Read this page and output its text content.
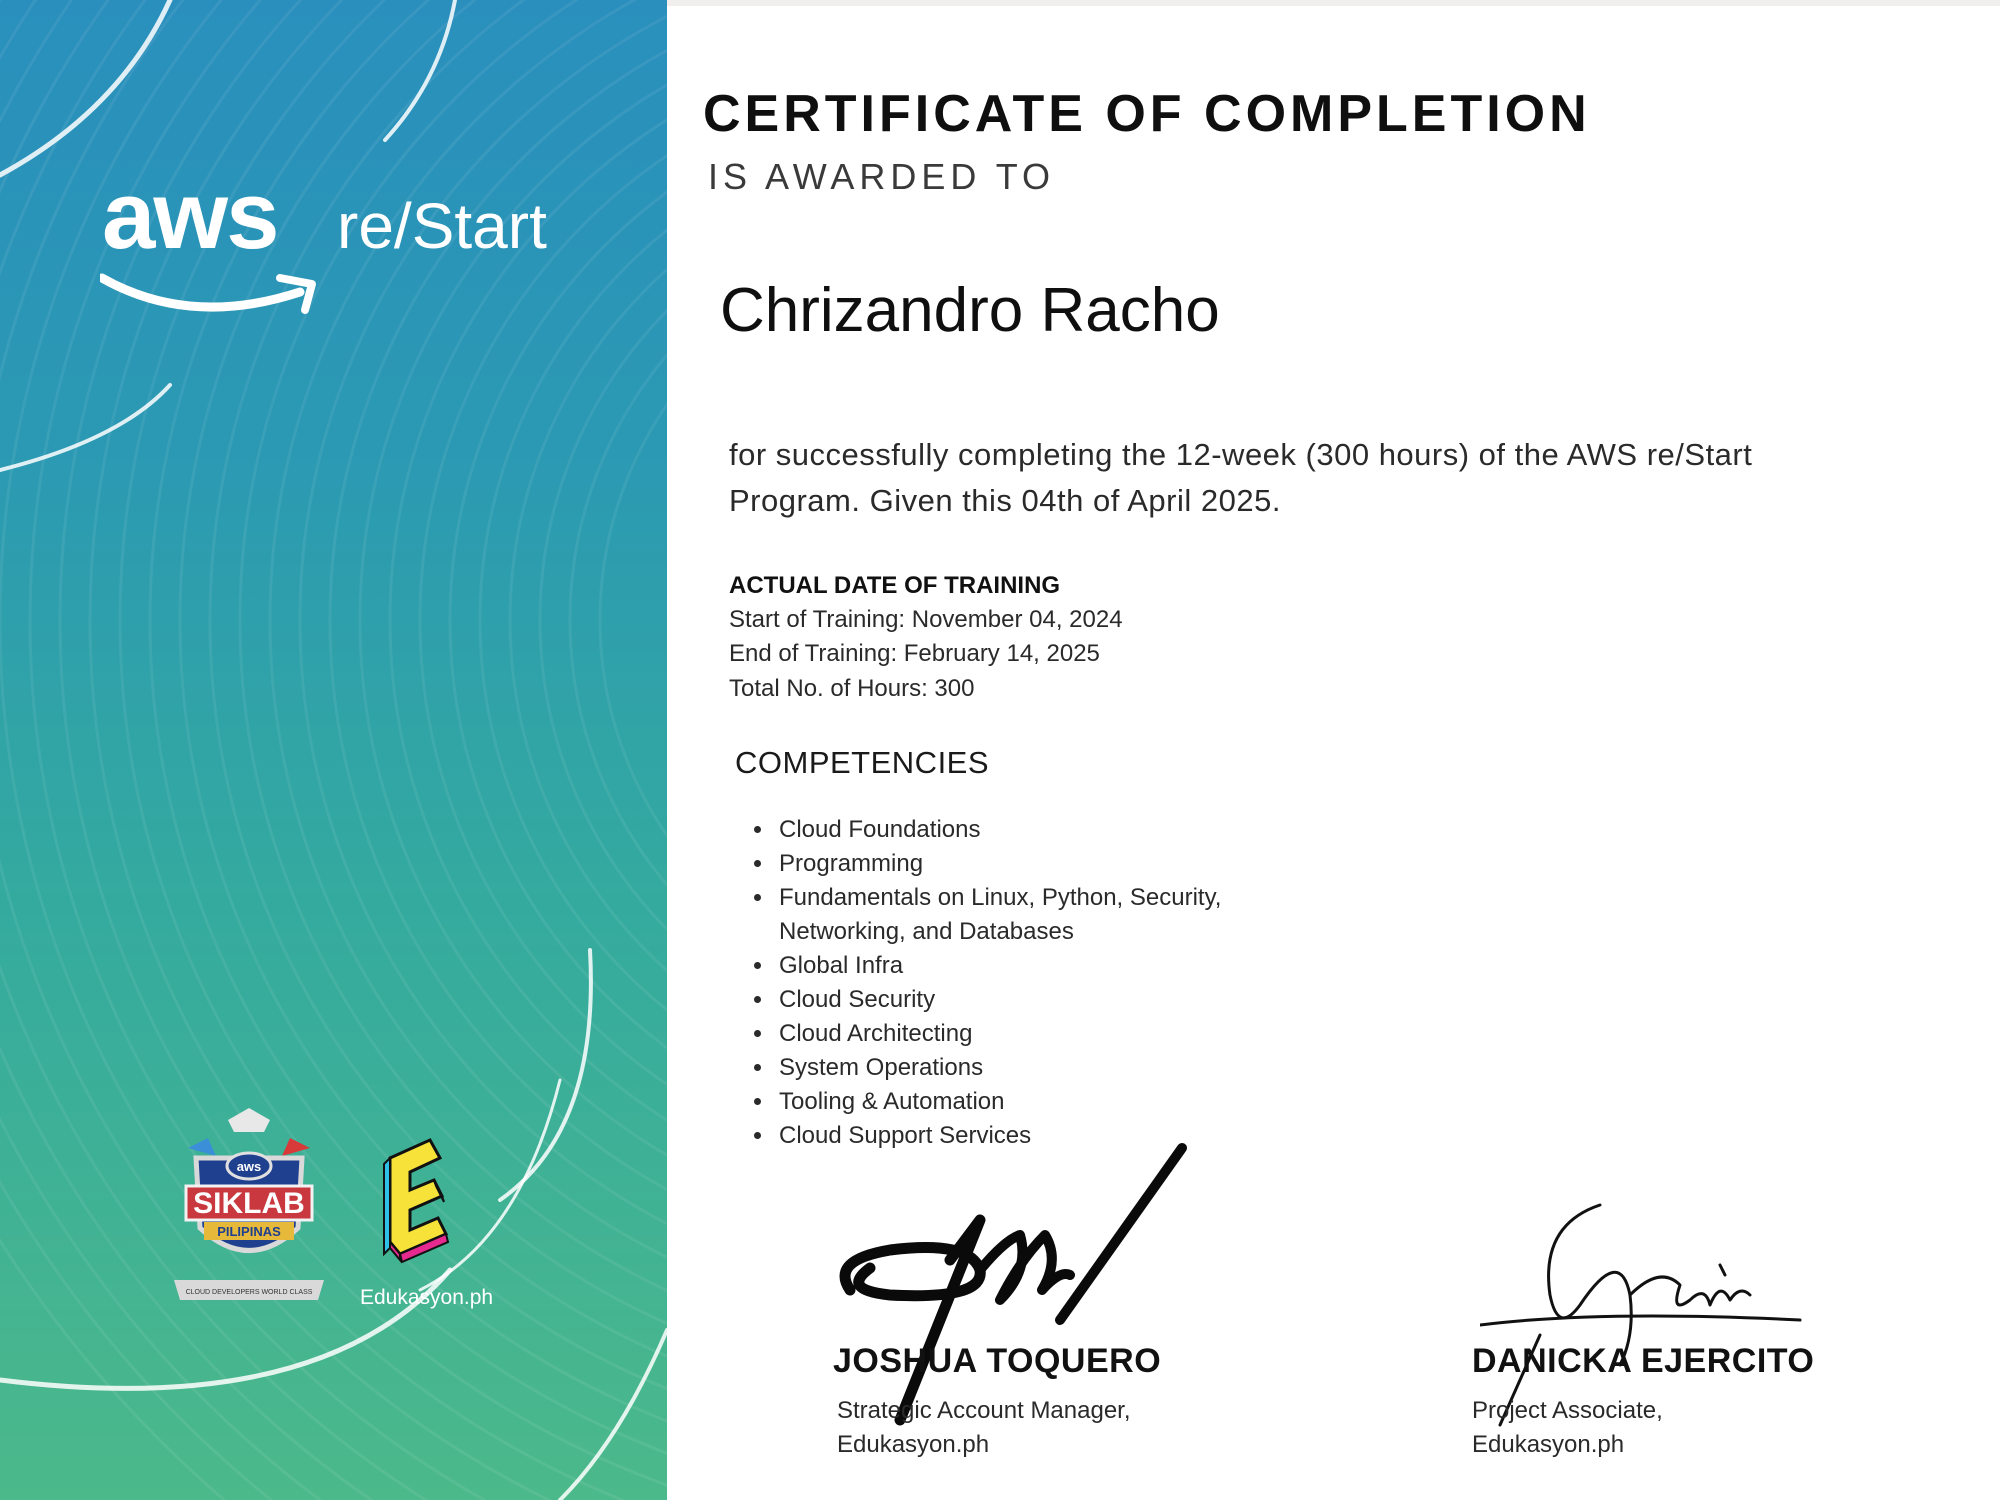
aws re/Start
aws
SIKLAB
PILIPINAS
CLOUD DEVELOPERS WORLD CLASS Edukasyon.ph
CERTIFICATE OF COMPLETION
IS AWARDED TO
Chrizandro Racho
for successfully completing the 12-week (300 hours) of the AWS re/Start Program. Given this 04th of April 2025.
ACTUAL DATE OF TRAINING
Start of Training: November 04, 2024
End of Training: February 14, 2025
Total No. of Hours: 300
COMPETENCIES
• Cloud Foundations
• Programming
• Fundamentals on Linux, Python, Security, Networking, and Databases
• Global Infra
• Cloud Security
• Cloud Architecting
• System Operations
• Tooling & Automation
• Cloud Support Services
JOSHUA TOQUERO
Strategic Account Manager,
Edukasyon.ph
DANICKA EJERCITO
Project Associate,
Edukasyon.ph
